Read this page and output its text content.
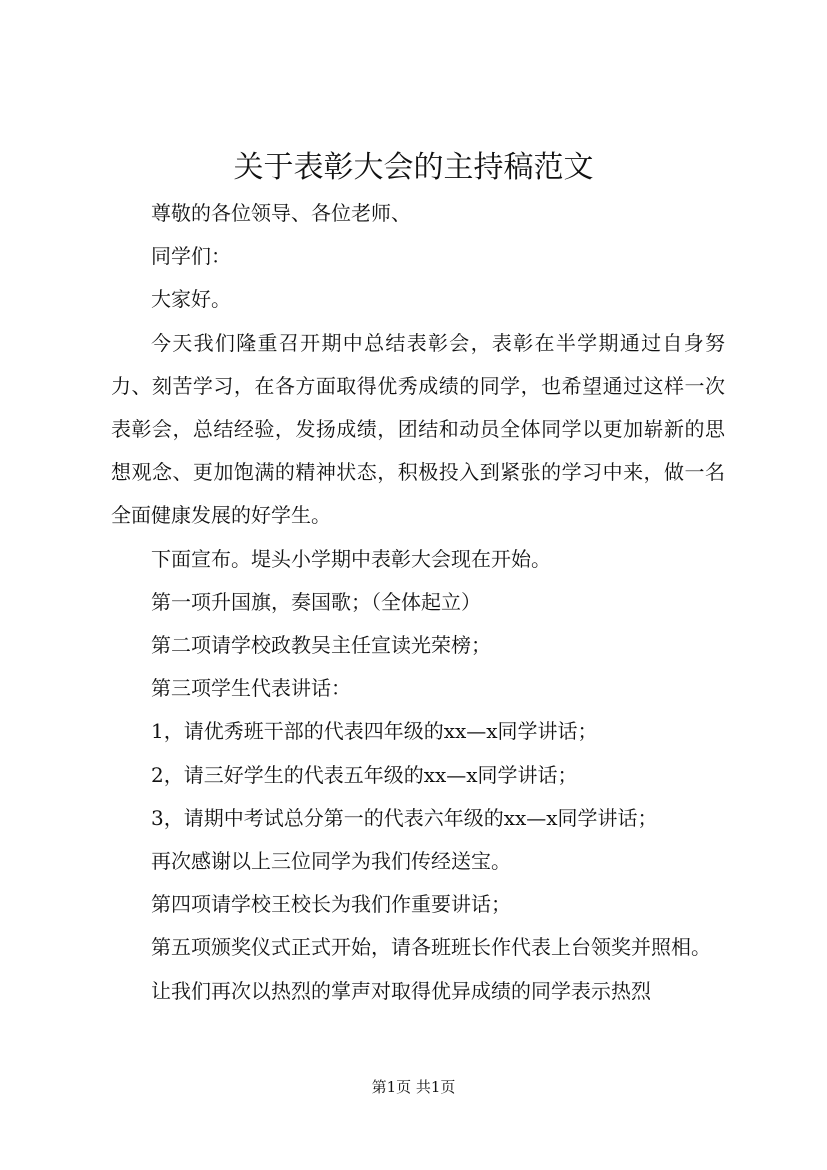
关于表彰大会的主持稿范文

尊敬的各位领导、各位老师、

同学们：

大家好。

今天我们隆重召开期中总结表彰会，表彰在半学期通过自身努力、刻苦学习，在各方面取得优秀成绩的同学，也希望通过这样一次表彰会，总结经验，发扬成绩，团结和动员全体同学以更加崭新的思想观念、更加饱满的精神状态，积极投入到紧张的学习中来，做一名全面健康发展的好学生。

下面宣布。堤头小学期中表彰大会现在开始。

第一项升国旗，奏国歌；（全体起立）

第二项请学校政教吴主任宣读光荣榜；

第三项学生代表讲话：

1，请优秀班干部的代表四年级的xx—x同学讲话；

2，请三好学生的代表五年级的xx—x同学讲话；

3，请期中考试总分第一的代表六年级的xx—x同学讲话；

再次感谢以上三位同学为我们传经送宝。

第四项请学校王校长为我们作重要讲话；

第五项颁奖仪式正式开始，请各班班长作代表上台领奖并照相。

让我们再次以热烈的掌声对取得优异成绩的同学表示热烈

第1页 共1页
